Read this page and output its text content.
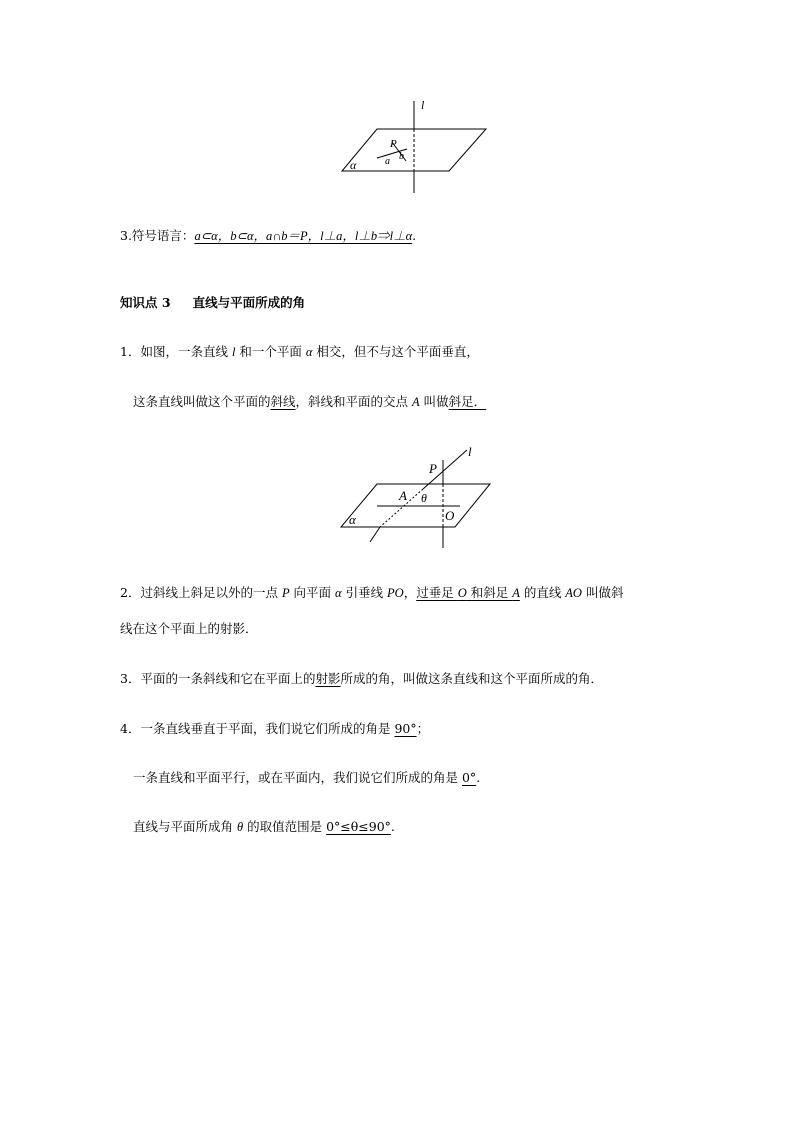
l
P
a b
α
3.符号语言：a⊂α，b⊂α，a∩b＝P，l⊥a，l⊥b⇒l⊥α.
知识点 3 直线与平面所成的角
1．如图，一条直线 l 和一个平面 α 相交，但不与这个平面垂直，
这条直线叫做这个平面的斜线，斜线和平面的交点 A 叫做斜足．
l
P
A θ
O
α
2．过斜线上斜足以外的一点 P 向平面 α 引垂线 PO，过垂足 O 和斜足 A 的直线 AO 叫做斜
线在这个平面上的射影．
3．平面的一条斜线和它在平面上的射影所成的角，叫做这条直线和这个平面所成的角．
4．一条直线垂直于平面，我们说它们所成的角是 90°；
一条直线和平面平行，或在平面内，我们说它们所成的角是 0°.
直线与平面所成角 θ 的取值范围是 0°≤θ≤90°.
